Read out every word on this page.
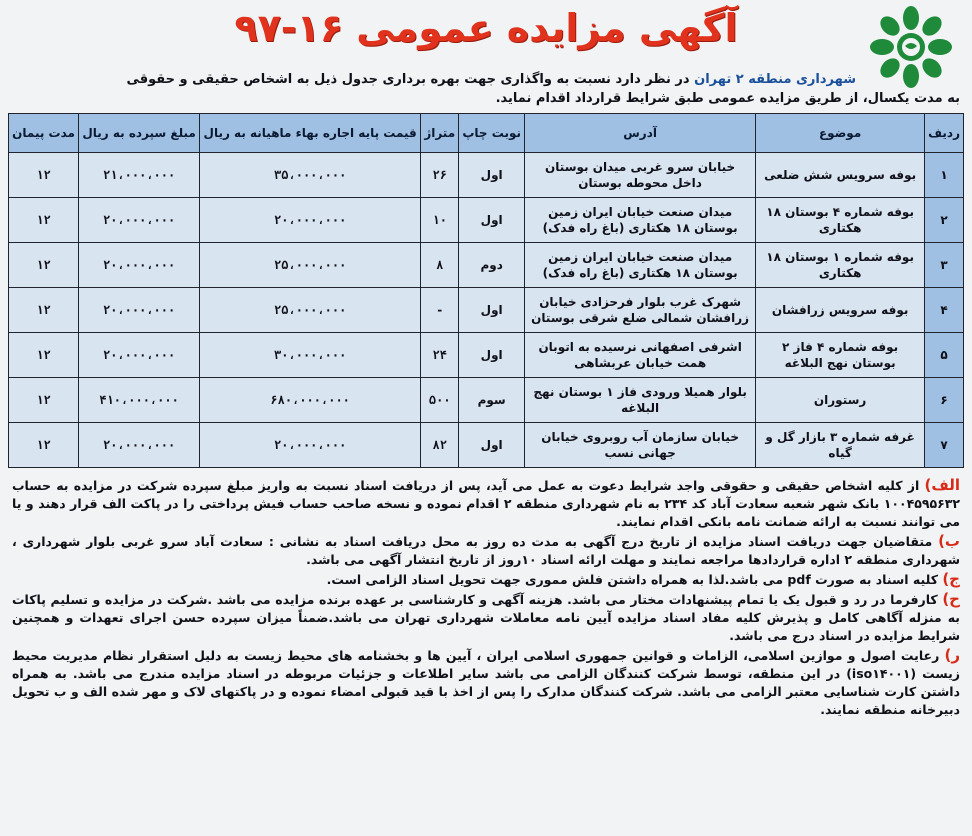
آگهی مزایده عمومی ۱۶-۹۷
شهرداری منطقه ۲ تهران در نظر دارد نسبت به واگذاری جهت بهره برداری جدول ذیل به اشخاص حقیقی و حقوقی
به مدت یکسال، از طریق مزایده عمومی طبق شرایط قرارداد اقدام نماید.
ردیف	موضوع	آدرس	نوبت چاپ	متراژ	قیمت پایه اجاره بهاء ماهیانه به ریال	مبلغ سپرده به ریال	مدت پیمان
۱	بوفه سرویس شش ضلعی	خیابان سرو غربی میدان بوستان داخل محوطه بوستان	اول	۲۶	۳۵،۰۰۰،۰۰۰	۲۱،۰۰۰،۰۰۰	۱۲
۲	بوفه شماره ۴ بوستان ۱۸ هکتاری	میدان صنعت خیابان ایران زمین بوستان ۱۸ هکتاری (باغ راه فدک)	اول	۱۰	۲۰،۰۰۰،۰۰۰	۲۰،۰۰۰،۰۰۰	۱۲
۳	بوفه شماره ۱ بوستان ۱۸ هکتاری	میدان صنعت خیابان ایران زمین بوستان ۱۸ هکتاری (باغ راه فدک)	دوم	۸	۲۵،۰۰۰،۰۰۰	۲۰،۰۰۰،۰۰۰	۱۲
۴	بوفه سرویس زرافشان	شهرک غرب بلوار فرحزادی خیابان زرافشان شمالی ضلع شرقی بوستان	اول	-	۲۵،۰۰۰،۰۰۰	۲۰،۰۰۰،۰۰۰	۱۲
۵	بوفه شماره ۴ فاز ۲ بوستان نهج البلاغه	اشرفی اصفهانی نرسیده به اتوبان همت خیابان عربشاهی	اول	۲۴	۳۰،۰۰۰،۰۰۰	۲۰،۰۰۰،۰۰۰	۱۲
۶	رستوران	بلوار همیلا ورودی فاز ۱ بوستان نهج البلاغه	سوم	۵۰۰	۶۸۰،۰۰۰،۰۰۰	۴۱۰،۰۰۰،۰۰۰	۱۲
۷	غرفه شماره ۳ بازار گل و گیاه	خیابان سازمان آب روبروی خیابان جهانی نسب	اول	۸۲	۲۰،۰۰۰،۰۰۰	۲۰،۰۰۰،۰۰۰	۱۲

الف) از کلیه اشخاص حقیقی و حقوقی واجد شرایط دعوت به عمل می آید، پس از دریافت اسناد نسبت به واریز مبلغ سپرده شرکت در مزایده به حساب ۱۰۰۴۵۹۵۶۳۲ بانک شهر شعبه سعادت آباد کد ۲۳۴ به نام شهرداری منطقه ۲ اقدام نموده و نسخه صاحب حساب فیش پرداختی را در پاکت الف قرار دهند و یا می توانند نسبت به ارائه ضمانت نامه بانکی اقدام نمایند.

ب) متقاضیان جهت دریافت اسناد مزایده از تاریخ درج آگهی به مدت ده روز به محل دریافت اسناد به نشانی : سعادت آباد سرو غربی بلوار شهرداری ، شهرداری منطقه ۲ اداره قراردادها مراجعه نمایند و مهلت ارائه اسناد ۱۰روز از تاریخ انتشار آگهی می باشد.

ج) کلیه اسناد به صورت pdf می باشد.لذا به همراه داشتن فلش مموری جهت تحویل اسناد الزامی است.

ح) کارفرما در رد و قبول یک یا تمام پیشنهادات مختار می باشد. هزینه آگهی و کارشناسی بر عهده برنده مزایده می باشد .شرکت در مزایده و تسلیم پاکات به منزله آگاهی کامل و پذیرش کلیه مفاد اسناد مزایده آیین نامه معاملات شهرداری تهران می باشد.ضمناً میزان سپرده حسن اجرای تعهدات و همچنین شرایط مزایده در اسناد درج می باشد.

ر) رعایت اصول و موازین اسلامی، الزامات و قوانین جمهوری اسلامی ایران ، آیین ها و بخشنامه های محیط زیست به دلیل استقرار نظام مدیریت محیط زیست (iso۱۴۰۰۱) در این منطقه، توسط شرکت کنندگان الزامی می باشد سایر اطلاعات و جزئیات مربوطه در اسناد مزایده مندرج می باشد. به همراه داشتن کارت شناسایی معتبر الزامی می باشد. شرکت کنندگان مدارک را پس از اخذ با قید قبولی امضاء نموده و در پاکتهای لاک و مهر شده الف و ب تحویل دبیرخانه منطقه نمایند.
